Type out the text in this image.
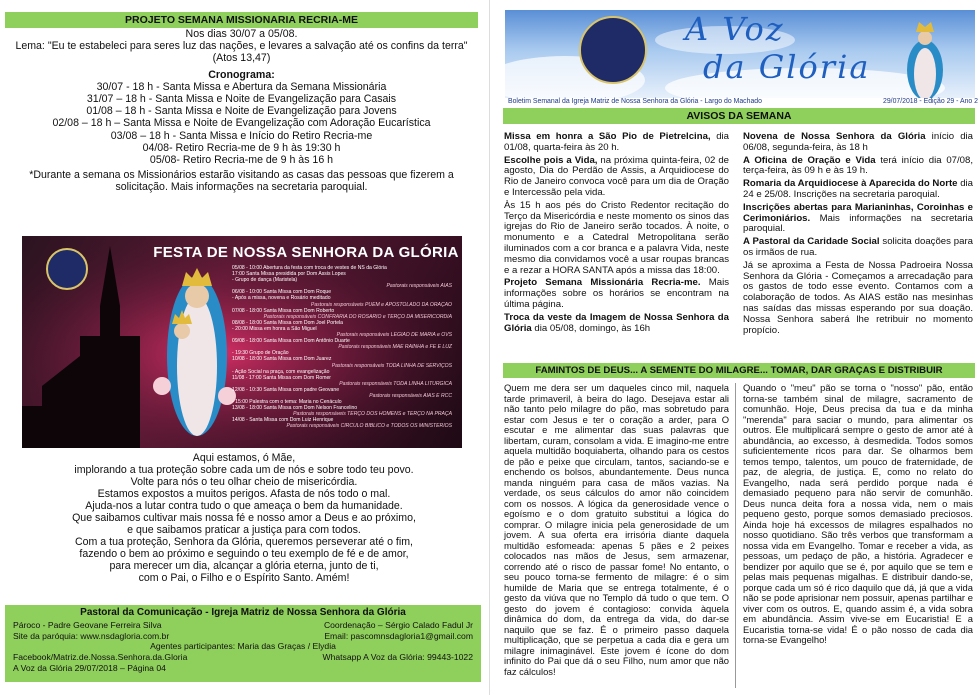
PROJETO SEMANA MISSIONARIA RECRIA-ME
Nos dias 30/07 a 05/08.
Lema: "Eu te estabeleci para seres luz das nações, e levares a salvação até os confins da terra" (Atos 13,47)
Cronograma:
30/07 - 18 h - Santa Missa e Abertura da Semana Missionária
31/07 – 18 h - Santa Missa e Noite de Evangelização para Casais
01/08 – 18 h - Santa Missa e Noite de Evangelização para Jovens
02/08 – 18 h – Santa Missa e Noite de Evangelização com Adoração Eucarística
03/08 – 18 h - Santa Missa e Início do Retiro Recria-me
04/08- Retiro Recria-me de 9 h às 19:30 h
05/08- Retiro Recria-me de 9 h às 16 h
*Durante a semana os Missionários estarão visitando as casas das pessoas que fizerem a solicitação. Mais informações na secretaria paroquial.
FESTA DE NOSSA SENHORA DA GLÓRIA
05/08 - 10:00 Abertura da festa com troca de vestes de NS da Glória
17:00 Santa Missa presidida por Dom Assis Lopes
- Grupo de dança (Maristela)
Pastorais responsáveis AIAS
06/08 - 10:00 Santa Missa com Dom Roque
- Após a missa, novena e Rosário meditado
Pastorais responsáveis PUEM e APOSTOLADO DA ORAÇÃO
07/08 - 18:00 Santa Missa com Dom Roberto
Pastorais responsáveis CONFRARIA DO ROSÁRIO e TERÇO DA MISERICÓRDIA
08/08 - 18:00 Santa Missa com Dom Joel Portela
- 20:00 Missa em honra a São Miguel
Pastorais responsáveis LEGIÃO DE MARIA e OVS
09/08 - 18:00 Santa Missa com Dom Antônio Duarte
Pastorais responsáveis MÃE RAINHA e FÉ E LUZ
- 19:30 Grupo de Oração
10/08 - 18:00 Santa Missa com Dom Juarez
Pastorais responsáveis TODA LINHA DE SERVIÇOS
- Ação Social na praça, com evangelização
11/08 - 17:00 Santa Missa com Dom Romer
Pastorais responsáveis TODA LINHA LITÚRGICA
12/08 - 10:30 Santa Missa com padre Geovane
Pastorais responsáveis AIAS E RCC
- 15:00 Palestra com o tema: Maria no Cenáculo
13/08 - 18:00 Santa Missa com Dom Nelson Francelino
Pastorais responsáveis TERÇO DOS HOMENS e TERÇO NA PRAÇA
14/08 - Santa Missa com Dom Luiz Henrique
Pastorais responsáveis CÍRCULO BÍBLICO e TODOS OS MINISTÉRIOS
Aqui estamos, ó Mãe,
implorando a tua proteção sobre cada um de nós e sobre todo teu povo.
Volte para nós o teu olhar cheio de misericórdia.
Estamos expostos a muitos perigos. Afasta de nós todo o mal.
Ajuda-nos a lutar contra tudo o que ameaça o bem da humanidade.
Que saibamos cultivar mais nossa fé e nosso amor a Deus e ao próximo,
e que saibamos praticar a justiça para com todos.
Com a tua proteção, Senhora da Glória, queremos perseverar até o fim,
fazendo o bem ao próximo e seguindo o teu exemplo de fé e de amor,
para merecer um dia, alcançar a glória eterna, junto de ti,
com o Pai, o Filho e o Espírito Santo. Amém!
Pastoral da Comunicação - Igreja Matriz de Nossa Senhora da Glória
Pároco - Padre Geovane Ferreira Silva	Coordenação – Sérgio Calado Fadul Jr
Site da paróquia: www.nsdagloria.com.br	Email: pascomnsdagloria1@gmail.com
Agentes participantes: Maria das Graças / Elydia
Facebook/Matriz.de.Nossa.Senhora.da.Gloria	Whatsapp A Voz da Glória: 99443-1022
A Voz da Glória 29/07/2018 – Página 04
A Voz
da Glória
Boletim Semanal da Igreja Matriz de Nossa Senhora da Glória - Largo do Machado	29/07/2018 - Edição 29 - Ano 2
AVISOS DA SEMANA

Missa em honra a São Pio de Pietrelcina, dia 01/08, quarta-feira às 20 h.

Escolhe pois a Vida, na próxima quinta-feira, 02 de agosto, Dia do Perdão de Assis, a Arquidiocese do Rio de Janeiro convoca você para um dia de Oração e Intercessão pela vida.

Às 15 h aos pés do Cristo Redentor recitação do Terço da Misericórdia e neste momento os sinos das igrejas do Rio de Janeiro serão tocados. À noite, o monumento e a Catedral Metropolitana serão iluminados com a cor branca e a palavra Vida, neste mesmo dia convidamos você a usar roupas brancas e a rezar a HORA SANTA após a missa das 18:00.

Projeto Semana Missionária Recria-me. Mais informações sobre os horários se encontram na última página.

Troca da veste da Imagem de Nossa Senhora da Glória dia 05/08, domingo, às 16h

Novena de Nossa Senhora da Glória início dia 06/08, segunda-feira, às 18 h

A Oficina de Oração e Vida terá início dia 07/08, terça-feira, às 09 h e às 19 h.

Romaria da Arquidiocese à Aparecida do Norte dia 24 e 25/08. Inscrições na secretaria paroquial.

Inscrições abertas para Marianinhas, Coroinhas e Cerimoniários. Mais informações na secretaria paroquial.

A Pastoral da Caridade Social solicita doações para os irmãos de rua.

Já se aproxima a Festa de Nossa Padroeira Nossa Senhora da Glória - Começamos a arrecadação para os gastos de todo esse evento. Contamos com a colaboração de todos. As AIAS estão nas mesinhas nas saídas das missas esperando por sua doação. Nossa Senhora saberá lhe retribuir no momento propício.

FAMINTOS DE DEUS... A SEMENTE DO MILAGRE... TOMAR, DAR GRAÇAS E DISTRIBUIR
Quem me dera ser um daqueles cinco mil, naquela tarde primaveril, à beira do lago. Desejava estar ali não tanto pelo milagre do pão, mas sobretudo para estar com Jesus e ter o coração a arder, para O escutar e me alimentar das suas palavras que libertam, curam, consolam a vida. E imagino-me entre aquela multidão boquiaberta, olhando para os cestos de pão e peixe que circulam, tantos, saciando-se e enchendo os bolsos, abundantemente. Deus nunca manda ninguém para casa de mãos vazias. Na verdade, os seus cálculos do amor não coincidem com os nossos. A lógica da generosidade vence o egoísmo e o dom gratuito substitui a lógica do comprar. O milagre inicia pela generosidade de um jovem. A sua oferta era irrisória diante daquela multidão esfomeada: apenas 5 pães e 2 peixes colocados nas mãos de Jesus, sem armazenar, correndo até o risco de passar fome! No entanto, o seu pouco torna-se fermento de milagre: é o sim humilde de Maria que se entrega totalmente, é o gesto da viúva que no Templo dá tudo o que tem. O gesto do jovem é contagioso: convida àquela dinâmica do dom, da entrega da vida, do dar-se naquilo que se faz. É o primeiro passo daquela multiplicação, que se perpetua a cada dia e gera um milagre inimaginável. Este jovem é ícone do dom infinito do Pai que dá o seu Filho, num amor que não faz cálculos!
Quando o "meu" pão se torna o "nosso" pão, então torna-se também sinal de milagre, sacramento de comunhão. Hoje, Deus precisa da tua e da minha "merenda" para saciar o mundo, para alimentar os outros. Ele multiplicará sempre o gesto de amor até à abundância, ao excesso, à desmedida. Todos somos suficientemente ricos para dar. Se olharmos bem temos tempo, talentos, um pouco de fraternidade, de paz, de alegria, de justiça. E, como no relato do Evangelho, nada será perdido porque nada é demasiado pequeno para não servir de comunhão. Deus nunca deita fora a nossa vida, nem o mais pequeno gesto, porque somos demasiado preciosos. Ainda hoje há excessos de milagres espalhados no nosso quotidiano. São três verbos que transformam a nossa vida em Evangelho. Tomar e receber a vida, as pessoas, um pedaço de pão, a história. Agradecer e bendizer por aquilo que se é, por aquilo que se tem e pelas mais pequenas migalhas. E distribuir dando-se, porque cada um só é rico daquilo que dá, já que a vida não se pode aprisionar nem possuir, apenas partilhar e viver com os outros. E, quando assim é, a vida sobra em abundância. Assim vive-se em Eucaristia! E a Eucaristia torna-se vida! É o pão nosso de cada dia torna-se Evangelho!
